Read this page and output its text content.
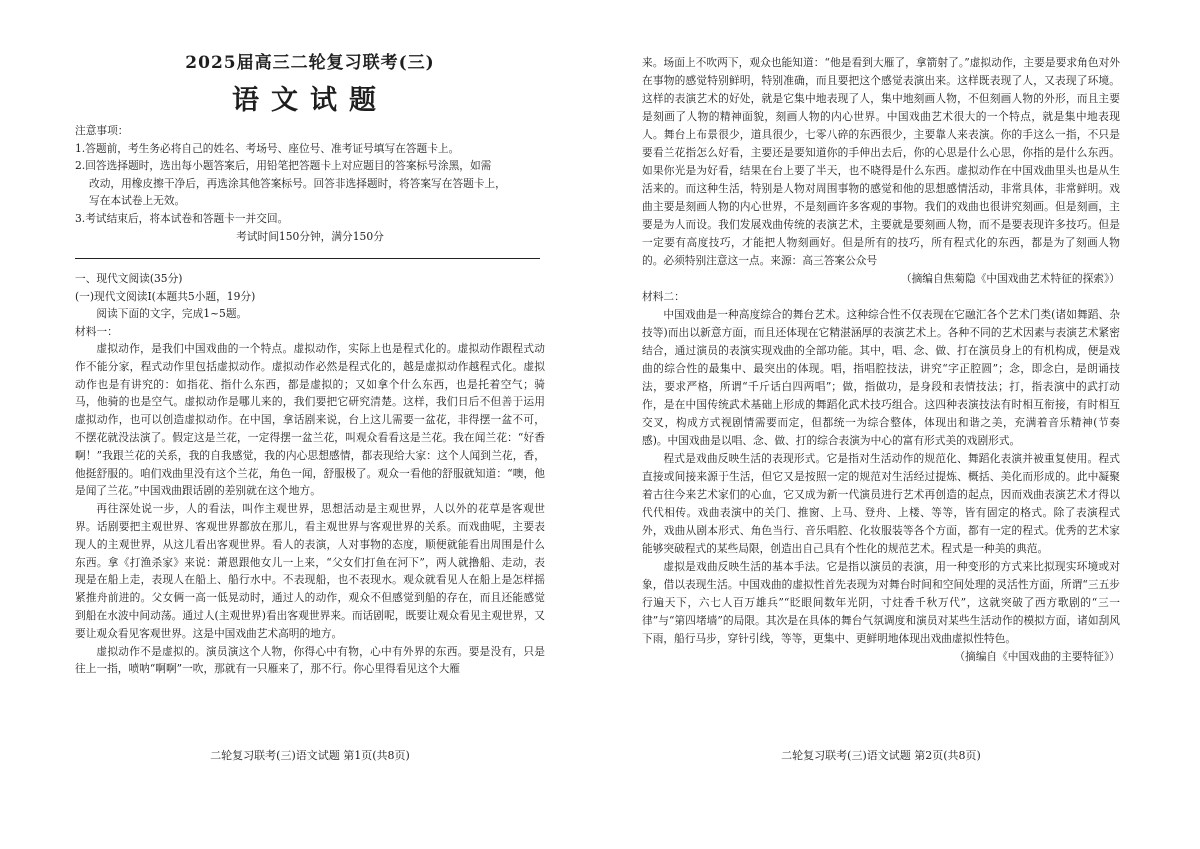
2025届高三二轮复习联考(三)
语文试题

注意事项：

1.答题前，考生务必将自己的姓名、考场号、座位号、准考证号填写在答题卡上。

2.回答选择题时，选出每小题答案后，用铅笔把答题卡上对应题目的答案标号涂黑，如需

改动，用橡皮擦干净后，再选涂其他答案标号。回答非选择题时，将答案写在答题卡上，

写在本试卷上无效。

3.考试结束后，将本试卷和答题卡一并交回。

考试时间150分钟，满分150分

一、现代文阅读(35分)

(一)现代文阅读Ⅰ(本题共5小题，19分)

阅读下面的文字，完成1~5题。

材料一：

虚拟动作，是我们中国戏曲的一个特点。虚拟动作，实际上也是程式化的。虚拟动作跟程式动作不能分家，程式动作里包括虚拟动作。虚拟动作必然是程式化的，越是虚拟动作越程式化。虚拟动作也是有讲究的：如指花、指什么东西，都是虚拟的；又如拿个什么东西，也是托着空气；骑马，他骑的也是空气。虚拟动作是哪儿来的，我们要把它研究清楚。这样，我们日后不但善于运用虚拟动作，也可以创造虚拟动作。在中国，拿话剧来说，台上这儿需要一盆花，非得摆一盆不可，不摆花就没法演了。假定这是兰花，一定得摆一盆兰花，叫观众看看这是兰花。我在闻兰花：“好香啊！”我跟兰花的关系，我的自我感觉，我的内心思想感情，都表现给大家：这个人闻到兰花，香，他挺舒服的。咱们戏曲里没有这个兰花，角色一闻，舒服极了。观众一看他的舒服就知道：“噢，他是闻了兰花。”中国戏曲跟话剧的差别就在这个地方。

再往深处说一步，人的看法，叫作主观世界，思想活动是主观世界，人以外的花草是客观世界。话剧要把主观世界、客观世界都放在那儿，看主观世界与客观世界的关系。而戏曲呢，主要表现人的主观世界，从这儿看出客观世界。看人的表演，人对事物的态度，顺便就能看出周围是什么东西。拿《打渔杀家》来说：萧恩跟他女儿一上来，“父女们打鱼在河下”，两人就撸船、走动，表现是在船上走，表现人在船上、船行水中。不表现船，也不表现水。观众就看见人在船上是怎样摇紧推舟前进的。父女俩一高一低晃动时，通过人的动作，观众不但感觉到船的存在，而且还能感觉到船在水波中间动荡。通过人(主观世界)看出客观世界来。而话剧呢，既要让观众看见主观世界，又要让观众看见客观世界。这是中国戏曲艺术高明的地方。

虚拟动作不是虚拟的。演员演这个人物，你得心中有物，心中有外界的东西。要是没有，只是往上一指，喷呐“啊啊”一吹，那就有一只雁来了，那不行。你心里得看见这个大雁

二轮复习联考(三)语文试题 第1页(共8页)

来。场面上不吹两下，观众也能知道：“他是看到大雁了，拿箭射了。”虚拟动作，主要是要求角色对外在事物的感觉特别鲜明，特别准确，而且要把这个感觉表演出来。这样既表现了人，又表现了环境。这样的表演艺术的好处，就是它集中地表现了人，集中地刻画人物，不但刻画人物的外形，而且主要是刻画了人物的精神面貌，刻画人物的内心世界。中国戏曲艺术很大的一个特点，就是集中地表现人。舞台上布景很少，道具很少，七零八碎的东西很少，主要靠人来表演。你的手这么一指，不只是要看兰花指怎么好看，主要还是要知道你的手伸出去后，你的心思是什么心思，你指的是什么东西。如果你光是为好看，结果在台上要了半天，也不晓得是什么东西。虚拟动作在中国戏曲里头也是从生活来的。而这种生活，特别是人物对周围事物的感觉和他的思想感情活动，非常具体，非常鲜明。戏曲主要是刻画人物的内心世界，不是刻画许多客观的事物。我们的戏曲也很讲究刻画。但是刻画，主要是为人而设。我们发展戏曲传统的表演艺术，主要就是要刻画人物，而不是要表现许多技巧。但是一定要有高度技巧，才能把人物刻画好。但是所有的技巧，所有程式化的东西，都是为了刻画人物的。必须特别注意这一点。来源：高三答案公众号

（摘编自焦菊隐《中国戏曲艺术特征的探索》）

材料二：

中国戏曲是一种高度综合的舞台艺术。这种综合性不仅表现在它融汇各个艺术门类(诸如舞蹈、杂技等)而出以新意方面，而且还体现在它精湛涵厚的表演艺术上。各种不同的艺术因素与表演艺术紧密结合，通过演员的表演实现戏曲的全部功能。其中，唱、念、做、打在演员身上的有机构成，便是戏曲的综合性的最集中、最突出的体现。唱，指唱腔技法，讲究“字正腔圆”；念，即念白，是朗诵技法，要求严格，所谓“千斤话白四两唱”；做，指做功，是身段和表情技法；打，指表演中的武打动作，是在中国传统武术基础上形成的舞蹈化武术技巧组合。这四种表演技法有时相互衔接，有时相互交叉，构成方式视剧情需要而定，但都统一为综合整体，体现出和谐之美，充满着音乐精神(节奏感)。中国戏曲是以唱、念、做、打的综合表演为中心的富有形式美的戏剧形式。

程式是戏曲反映生活的表现形式。它是指对生活动作的规范化、舞蹈化表演并被重复使用。程式直接或间接来源于生活，但它又是按照一定的规范对生活经过提炼、概括、美化而形成的。此中凝聚着古往今来艺术家们的心血，它又成为新一代演员进行艺术再创造的起点，因而戏曲表演艺术才得以代代相传。戏曲表演中的关门、推窗、上马、登舟、上楼、等等，皆有固定的格式。除了表演程式外，戏曲从剧本形式、角色当行、音乐唱腔、化妆服装等各个方面，都有一定的程式。优秀的艺术家能够突破程式的某些局限，创造出自己具有个性化的规范艺术。程式是一种美的典范。

虚拟是戏曲反映生活的基本手法。它是指以演员的表演，用一种变形的方式来比拟现实环境或对象，借以表现生活。中国戏曲的虚拟性首先表现为对舞台时间和空间处理的灵活性方面，所谓“三五步行遍天下，六七人百万雄兵”“眨眼间数年光阴，寸炷香千秋万代”，这就突破了西方歌剧的“三一律”与“第四堵墙”的局限。其次是在具体的舞台气氛调度和演员对某些生活动作的模拟方面，诸如刮风下雨，船行马步，穿针引线，等等，更集中、更鲜明地体现出戏曲虚拟性特色。

（摘编自《中国戏曲的主要特征》）

二轮复习联考(三)语文试题 第2页(共8页)
